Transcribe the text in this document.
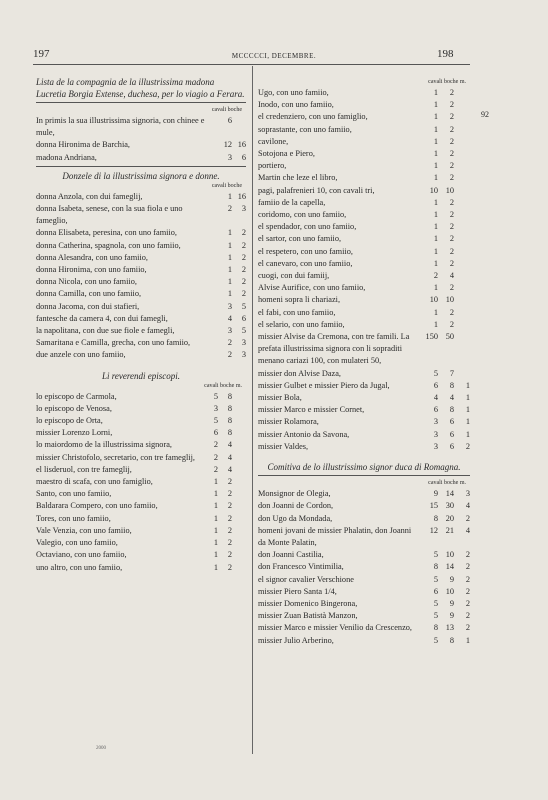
197	MCCCCCI, DECEMBRE.	198
92
Lista de la compagnia de la illustrissima madona Lucretia Borgia Extense, duchesa, per lo viagio a Ferara.
cavali boche
In primis la sua illustrissima signoria, con chinee e mule,
6
donna Hironima de Barchia,	12 16
madona Andriana,	3	6
Donzele di la illustrissima signora e donne.
cavali boche
donna Anzola, con dui fameglij,	1 16
donna Isabeta, senese, con la sua fiola e uno fameglio,
2	3
donna Elisabeta, peresina, con uno famiio,	1	2
donna Catherina, spagnola, con uno famiio,	1	2
donna Alesandra, con uno famiio,	1	2
donna Hironima, con uno famiio,	1	2
donna Nicola, con uno famiio,	1	2
donna Camilla, con uno famiio,	1	2
donna Jacoma, con dui stafieri,	3	5
fantesche da camera 4, con dui famegli,	4	6
la napolitana, con due sue fiole e famegli,	3	5
Samaritana e Camilla, grecha, con uno famiio,	2	3
due anzele con uno famiio,	2	3
Li reverendi episcopi.
cavali boche m.
lo episcopo de Carmola,	5	8
lo episcopo de Venosa,	3	8
lo episcopo de Orta,	5	8
missier Lorenzo Lorni,	6	8
lo maiordomo de la illustrissima signora,	2	4
missier Christofolo, secretario, con tre fameglij,	2	4
el lisderuol, con tre fameglij,	2	4
maestro di scafa, con uno famiglio,	1	2
Santo, con uno famiio,	1	2
Baldarara Compero, con uno famiio,	1	2
Tores, con uno famiio,	1	2
Vale Venzia, con uno famiio,	1	2
Valegio, con uno famiio,	1	2
Octaviano, con uno famiio,	1	2
uno altro, con uno famiio,	1	2
cavali boche m.
Ugo, con uno famiio,	1	2
Inodo, con uno famiio,	1	2
el credenziero, con uno famiglio,	1	2
soprastante, con uno famiio,	1	2
cavilone,	1	2
Sotojona e Piero,	1	2
portiero,	1	2
Martin che leze el libro,	1	2
pagi, palafrenieri 10, con cavali tri,	10 10
famiio de la capella,	1	2
coridomo, con uno famiio,	1	2
el spendador, con uno famiio,	1	2
el sartor, con uno famiio,	1	2
el respetero, con uno famiio,	1	2
el canevaro, con uno famiio,	1	2
cuogi, con dui famiij,	2	4
Alvise Aurifice, con uno famiio,	1	2
homeni sopra li chariazi,	10 10
el fabi, con uno famiio,	1	2
el selario, con uno famiio,	1	2
missier Alvise da Cremona, con tre famili. La prefata illustrissima signora con li sopraditi menano cariazi 100, con mulateri 50,
150 50
missier don Alvise Daza,	5	7
missier Gulbet e missier Piero da Jugal,	6	8	1
missier Bola,	4	4	1
missier Marco e missier Cornet,	6	8	1
missier Rolamora,	3	6	1
missier Antonio da Savona,	3	6	1
missier Valdes,	3	6	2
Comitiva de lo illustrissimo signor duca di Romagna.
cavali boche m.
Monsignor de Olegia,	9 14	3
don Joanni de Cordon,	15 30	4
don Ugo da Mondada,	8 20	2
homeni jovani de missier Phalatin, don Joanni da Monte Palatin,
12 21	4
don Joanni Castilia,	5 10	2
don Francesco Vintimilia,	8 14	2
el signor cavalier Verschione	5	9	2
missier Piero Santa 1/4,	6 10	2
missier Domenico Bingerona,	5	9	2
missier Zuan Batistà Manzon,	5	9	2
missier Marco e missier Venilio da Crescenzo,	8 13	2
missier Julio Arberino,	5	8	1
2000
